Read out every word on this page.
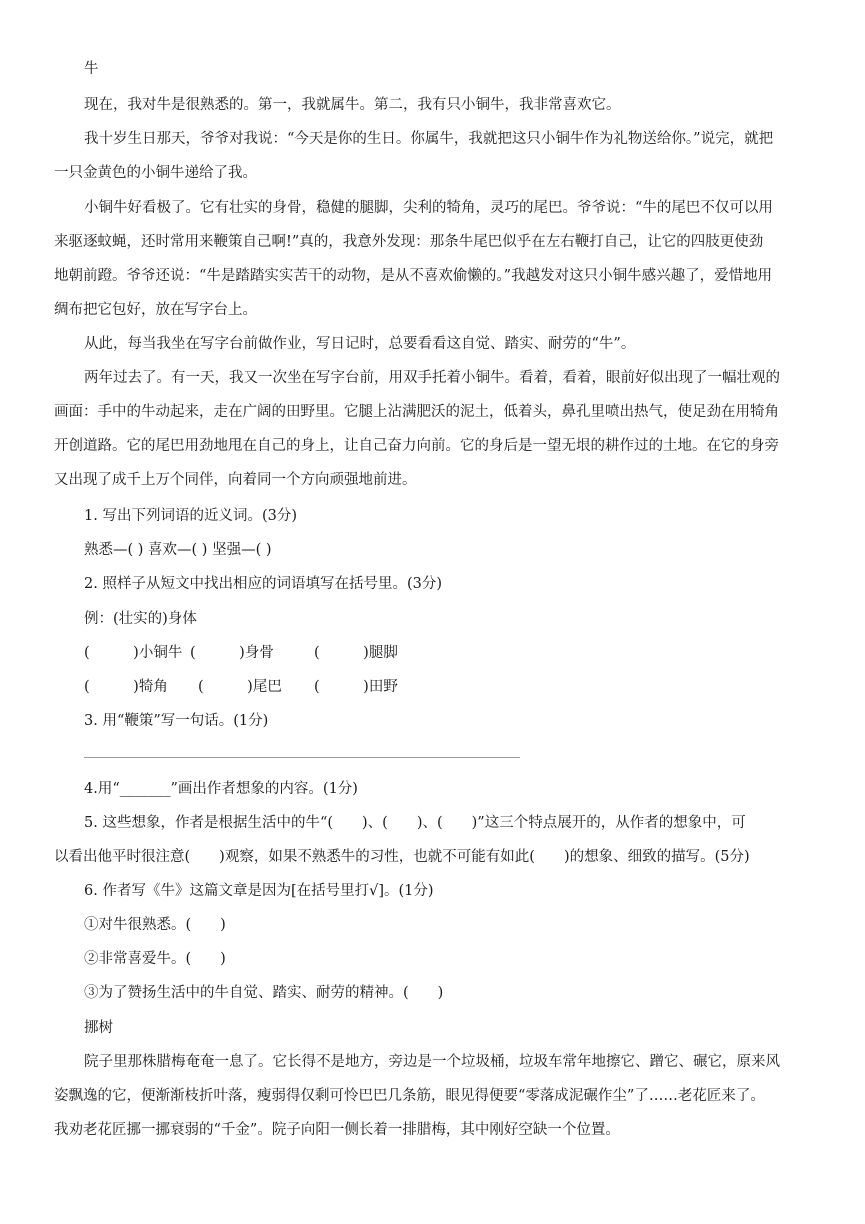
牛
现在，我对牛是很熟悉的。第一，我就属牛。第二，我有只小铜牛，我非常喜欢它。
我十岁生日那天，爷爷对我说：“今天是你的生日。你属牛，我就把这只小铜牛作为礼物送给你。”说完，就把
一只金黄色的小铜牛递给了我。
小铜牛好看极了。它有壮实的身骨，稳健的腿脚，尖利的犄角，灵巧的尾巴。爷爷说：“牛的尾巴不仅可以用
来驱逐蚊蝇，还时常用来鞭策自己啊!”真的，我意外发现：那条牛尾巴似乎在左右鞭打自己，让它的四肢更使劲
地朝前蹬。爷爷还说：“牛是踏踏实实苦干的动物，是从不喜欢偷懒的。”我越发对这只小铜牛感兴趣了，爱惜地用
绸布把它包好，放在写字台上。
从此，每当我坐在写字台前做作业，写日记时，总要看看这自觉、踏实、耐劳的“牛”。
两年过去了。有一天，我又一次坐在写字台前，用双手托着小铜牛。看着，看着，眼前好似出现了一幅壮观的
画面：手中的牛动起来，走在广阔的田野里。它腿上沾满肥沃的泥土，低着头，鼻孔里喷出热气，使足劲在用犄角
开创道路。它的尾巴用劲地甩在自己的身上，让自己奋力向前。它的身后是一望无垠的耕作过的土地。在它的身旁
又出现了成千上万个同伴，向着同一个方向顽强地前进。
1. 写出下列词语的近义词。(3分)
熟悉—( ) 喜欢—( ) 坚强—( )
2. 照样子从短文中找出相应的词语填写在括号里。(3分)
例：(壮实的)身体
(　　　)小铜牛 (　　　)身骨	(　　　)腿脚
(　　　)犄角 (　　　)尾巴 (　　　)田野
3. 用“鞭策”写一句话。(1分)
4.用“_______”画出作者想象的内容。(1分)
5. 这些想象，作者是根据生活中的牛“(　　)、(　　)、(　　)”这三个特点展开的，从作者的想象中，可
以看出他平时很注意(　　)观察，如果不熟悉牛的习性，也就不可能有如此(　　)的想象、细致的描写。(5分)
6. 作者写《牛》这篇文章是因为[在括号里打√]。(1分)
①对牛很熟悉。(　　)
②非常喜爱牛。(　　)
③为了赞扬生活中的牛自觉、踏实、耐劳的精神。(　　)
挪树
院子里那株腊梅奄奄一息了。它长得不是地方，旁边是一个垃圾桶，垃圾车常年地擦它、蹭它、碾它，原来风
姿飘逸的它，便渐渐枝折叶落，瘦弱得仅剩可怜巴巴几条筋，眼见得便要“零落成泥碾作尘”了……老花匠来了。
我劝老花匠挪一挪衰弱的“千金”。院子向阳一侧长着一排腊梅，其中刚好空缺一个位置。
